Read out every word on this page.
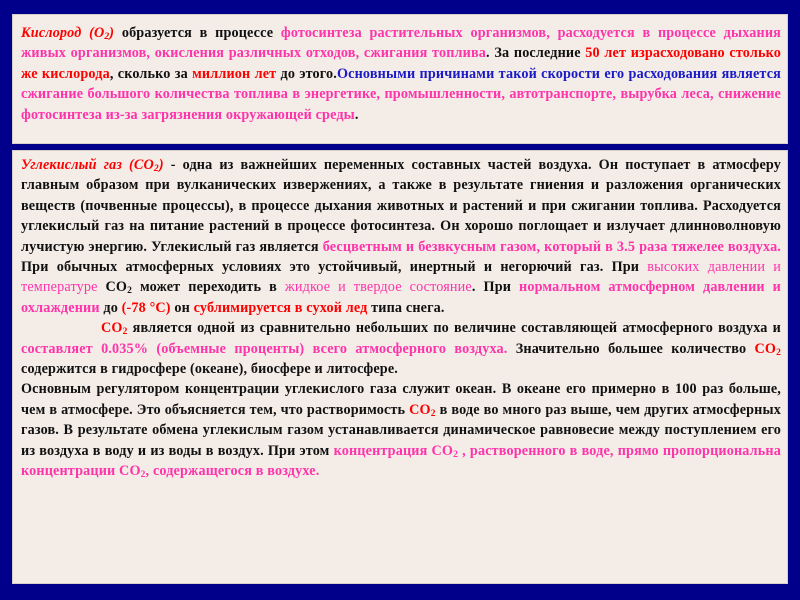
Кислород $(О_2)$ образуется в процессе фотосинтеза растительных организмов, расходуется в процессе дыхания живых организмов, окисления различных отходов, сжигания топлива. За последние 50 лет израсходовано столько же кислорода, сколько за миллион лет до этого.Основными причинами такой скорости его расходования является сжигание большого количества топлива в энергетике, промышленности, автотранспорте, вырубка леса, снижение фотосинтеза из-за загрязнения окружающей среды.

Углекислый газ $(СО_2)$ - одна из важнейших переменных составных частей воздуха. Он поступает в атмосферу главным образом при вулканических извержениях, а также в результате гниения и разложения органических веществ (почвенные процессы), в процессе дыхания животных и растений и при сжигании топлива. Расходуется углекислый газ на питание растений в процессе фотосинтеза. Он хорошо поглощает и излучает длинноволновую лучистую энергию. Углекислый газ является бесцветным и безвкусным газом, который в 3.5 раза тяжелее воздуха. При обычных атмосферных условиях это устойчивый, инертный и негорючий газ. При высоких давлении и температуре $СО_2$ может переходить в жидкое и твердое состояние. При нормальном атмосферном давлении и охлаждении до (-78 °С) он сублимируется в сухой лед типа снега.

$СО_2$ является одной из сравнительно небольших по величине составляющей атмосферного воздуха и составляет 0.035% (объемные проценты) всего атмосферного воздуха. Значительно большее количество $СО_2$ содержится в гидросфере (океане), биосфере и литосфере.

Основным регулятором концентрации углекислого газа служит океан. В океане его примерно в 100 раз больше, чем в атмосфере. Это объясняется тем, что растворимость $СО_2$ в воде во много раз выше, чем других атмосферных газов. В результате обмена углекислым газом устанавливается динамическое равновесие между поступлением его из воздуха в воду и из воды в воздух. При этом концентрация $СО_2$ , растворенного в воде, прямо пропорциональна концентрации $СО_2$, содержащегося в воздухе.
